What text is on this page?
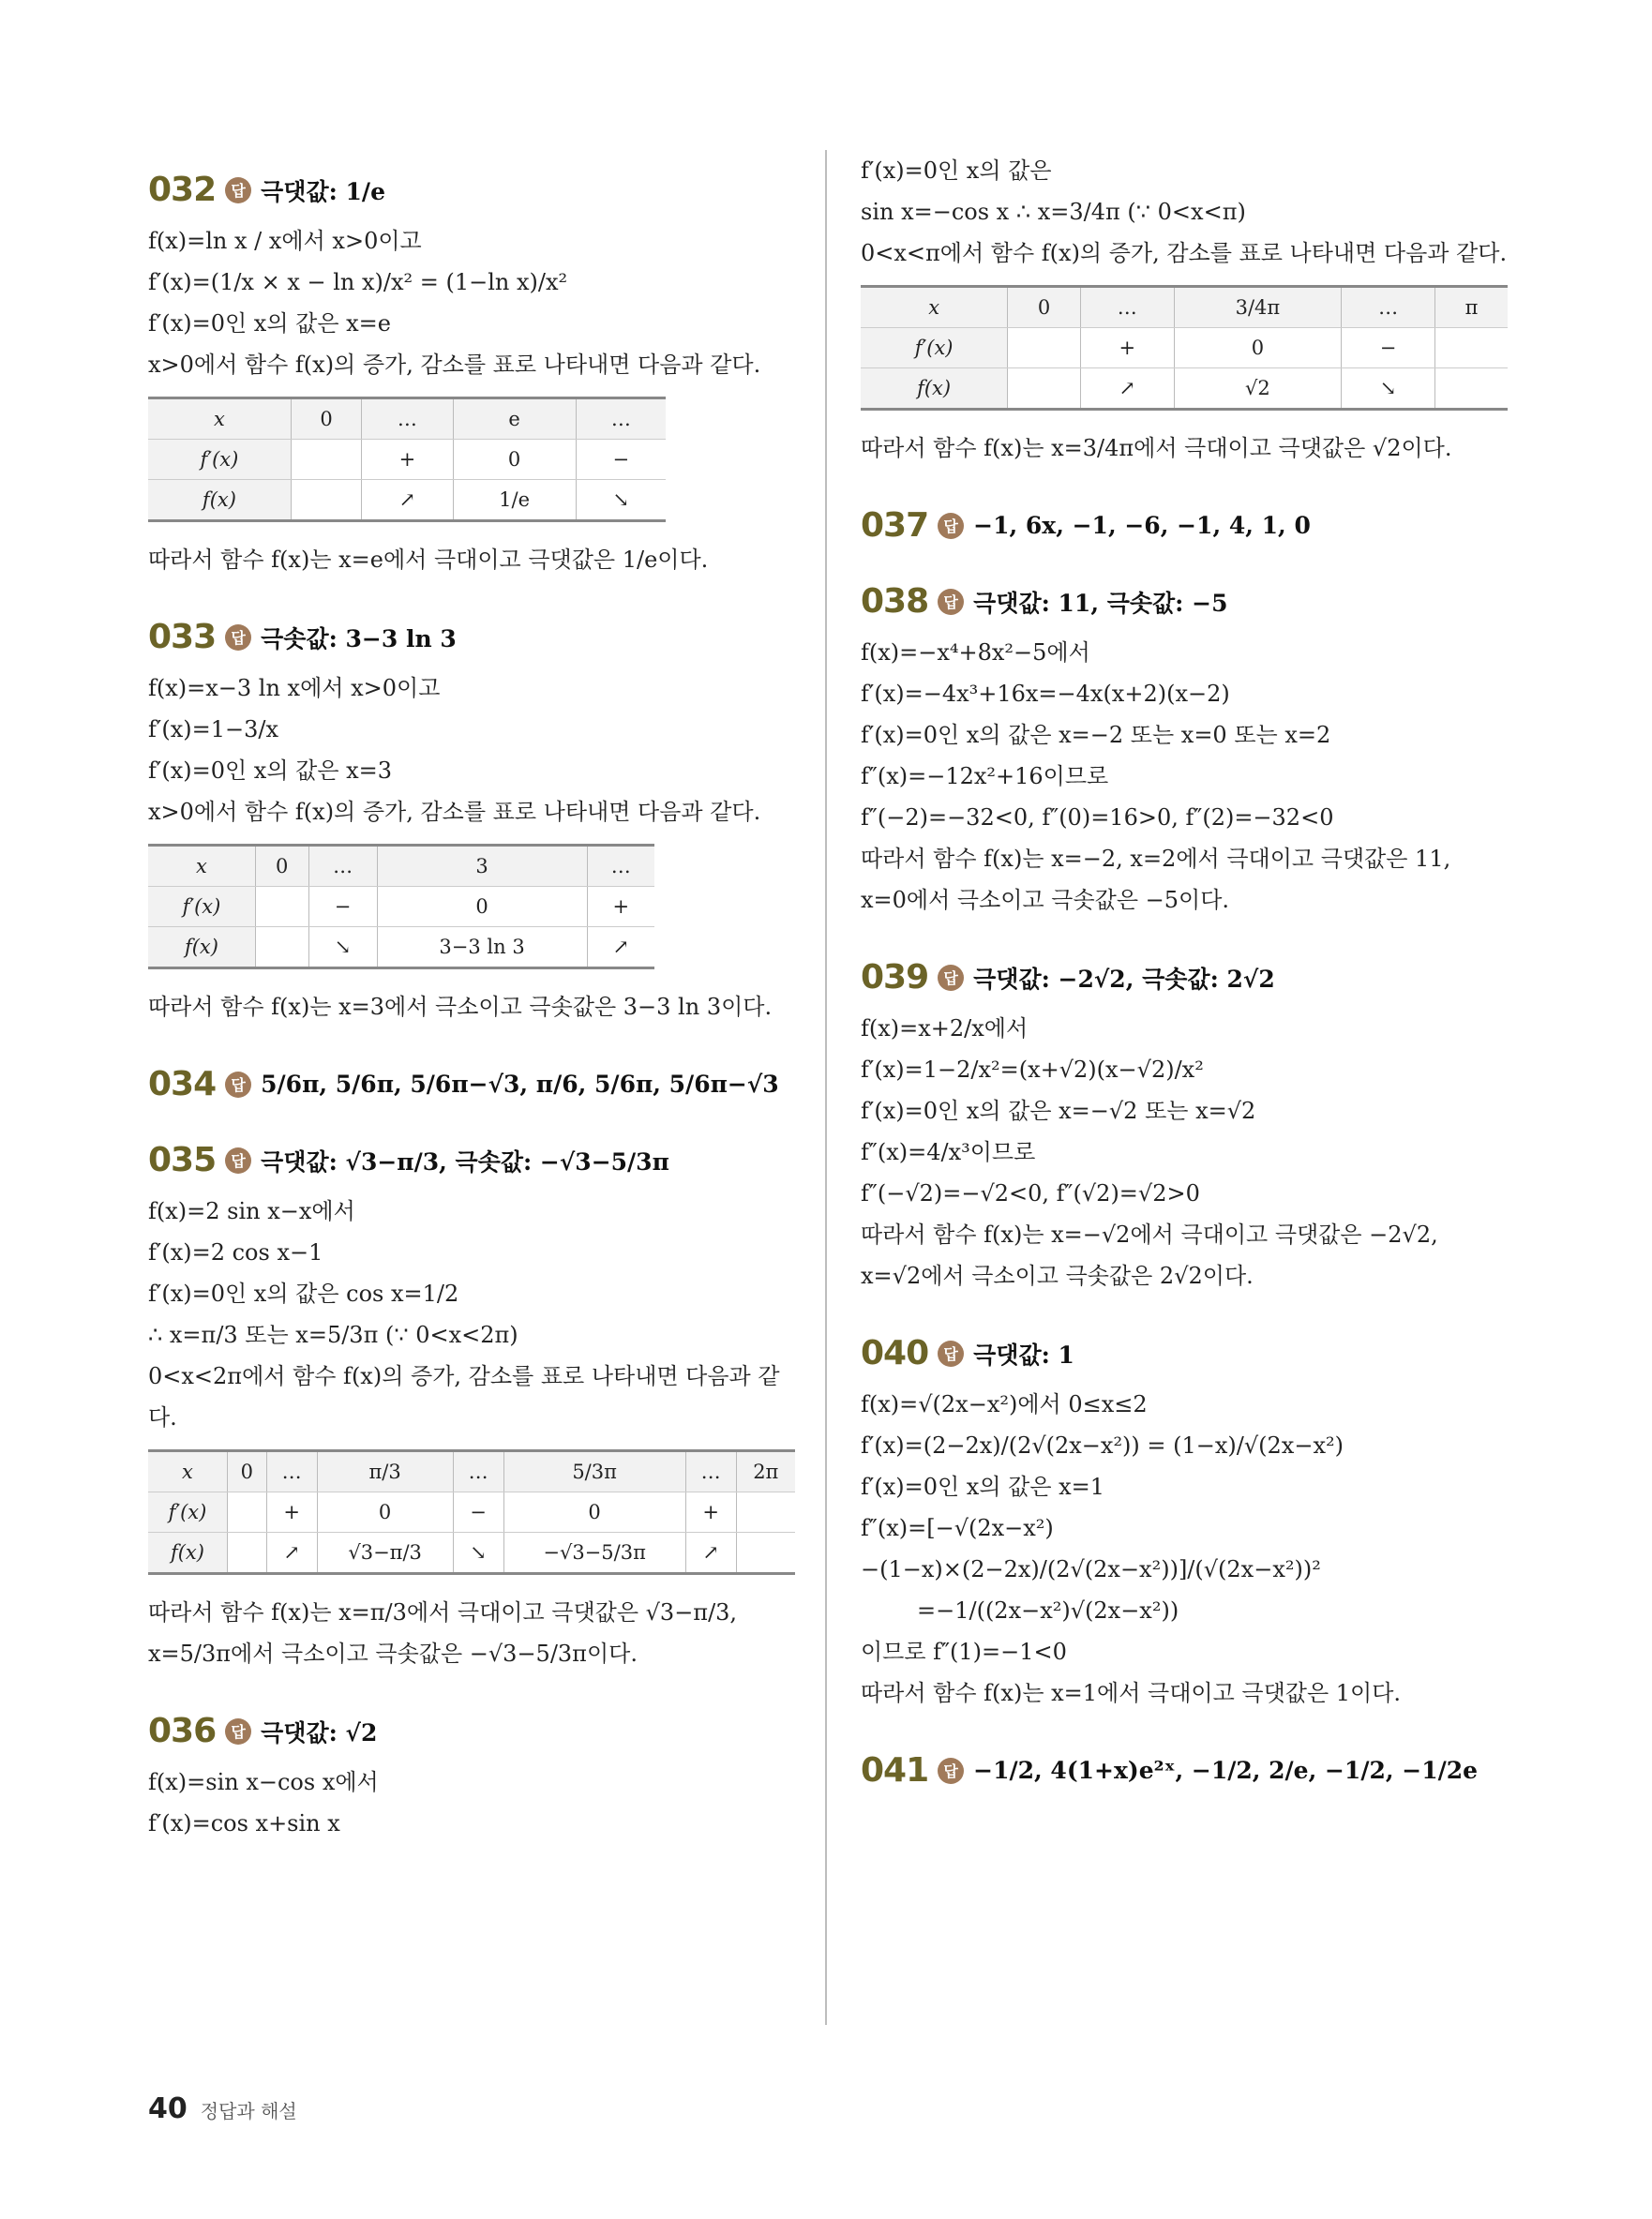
032	답 극댓값: 1/e
f(x)=ln x / x에서 x>0이고
f′(x)=(1/x × x − ln x)/x² = (1−ln x)/x²
f′(x)=0인 x의 값은 x=e
x>0에서 함수 f(x)의 증가, 감소를 표로 나타내면 다음과 같다.
x	0	…	e	…
f′(x)		+	0	−
f(x)		↗	1/e	↘
따라서 함수 f(x)는 x=e에서 극대이고 극댓값은 1/e이다.
033	답 극솟값: 3−3 ln 3
f(x)=x−3 ln x에서 x>0이고
f′(x)=1−3/x
f′(x)=0인 x의 값은 x=3
x>0에서 함수 f(x)의 증가, 감소를 표로 나타내면 다음과 같다.
x	0	…	3	…
f′(x)		−	0	+
f(x)		↘	3−3 ln 3	↗
따라서 함수 f(x)는 x=3에서 극소이고 극솟값은 3−3 ln 3이다.
034	답 5/6π, 5/6π, 5/6π−√3, π/6, 5/6π, 5/6π−√3
035	답 극댓값: √3−π/3, 극솟값: −√3−5/3π
f(x)=2 sin x−x에서
f′(x)=2 cos x−1
f′(x)=0인 x의 값은 cos x=1/2
∴ x=π/3 또는 x=5/3π (∵ 0<x<2π)
0<x<2π에서 함수 f(x)의 증가, 감소를 표로 나타내면 다음과 같다.
x	0	…	π/3	…	5/3π	…	2π
f′(x)		+	0	−	0	+	
f(x)		↗	√3−π/3	↘	−√3−5/3π	↗	
따라서 함수 f(x)는 x=π/3에서 극대이고 극댓값은 √3−π/3,
x=5/3π에서 극소이고 극솟값은 −√3−5/3π이다.
036	답 극댓값: √2
f(x)=sin x−cos x에서
f′(x)=cos x+sin x
f′(x)=0인 x의 값은
sin x=−cos x ∴ x=3/4π (∵ 0<x<π)
0<x<π에서 함수 f(x)의 증가, 감소를 표로 나타내면 다음과 같다.
x	0	…	3/4π	…	π
f′(x)		+	0	−	
f(x)		↗	√2	↘	
따라서 함수 f(x)는 x=3/4π에서 극대이고 극댓값은 √2이다.
037	답 −1, 6x, −1, −6, −1, 4, 1, 0
038	답 극댓값: 11, 극솟값: −5
f(x)=−x⁴+8x²−5에서
f′(x)=−4x³+16x=−4x(x+2)(x−2)
f′(x)=0인 x의 값은 x=−2 또는 x=0 또는 x=2
f″(x)=−12x²+16이므로
f″(−2)=−32<0, f″(0)=16>0, f″(2)=−32<0
따라서 함수 f(x)는 x=−2, x=2에서 극대이고 극댓값은 11,
x=0에서 극소이고 극솟값은 −5이다.
039	답 극댓값: −2√2, 극솟값: 2√2
f(x)=x+2/x에서
f′(x)=1−2/x²=(x+√2)(x−√2)/x²
f′(x)=0인 x의 값은 x=−√2 또는 x=√2
f″(x)=4/x³이므로
f″(−√2)=−√2<0, f″(√2)=√2>0
따라서 함수 f(x)는 x=−√2에서 극대이고 극댓값은 −2√2,
x=√2에서 극소이고 극솟값은 2√2이다.
040	답 극댓값: 1
f(x)=√(2x−x²)에서 0≤x≤2
f′(x)=(2−2x)/(2√(2x−x²)) = (1−x)/√(2x−x²)
f′(x)=0인 x의 값은 x=1
f″(x)=[−√(2x−x²)−(1−x)×(2−2x)/(2√(2x−x²))]/(√(2x−x²))²
=−1/((2x−x²)√(2x−x²))
이므로 f″(1)=−1<0
따라서 함수 f(x)는 x=1에서 극대이고 극댓값은 1이다.
041	답 −1/2, 4(1+x)e²ˣ, −1/2, 2/e, −1/2, −1/2e
40 정답과 해설
